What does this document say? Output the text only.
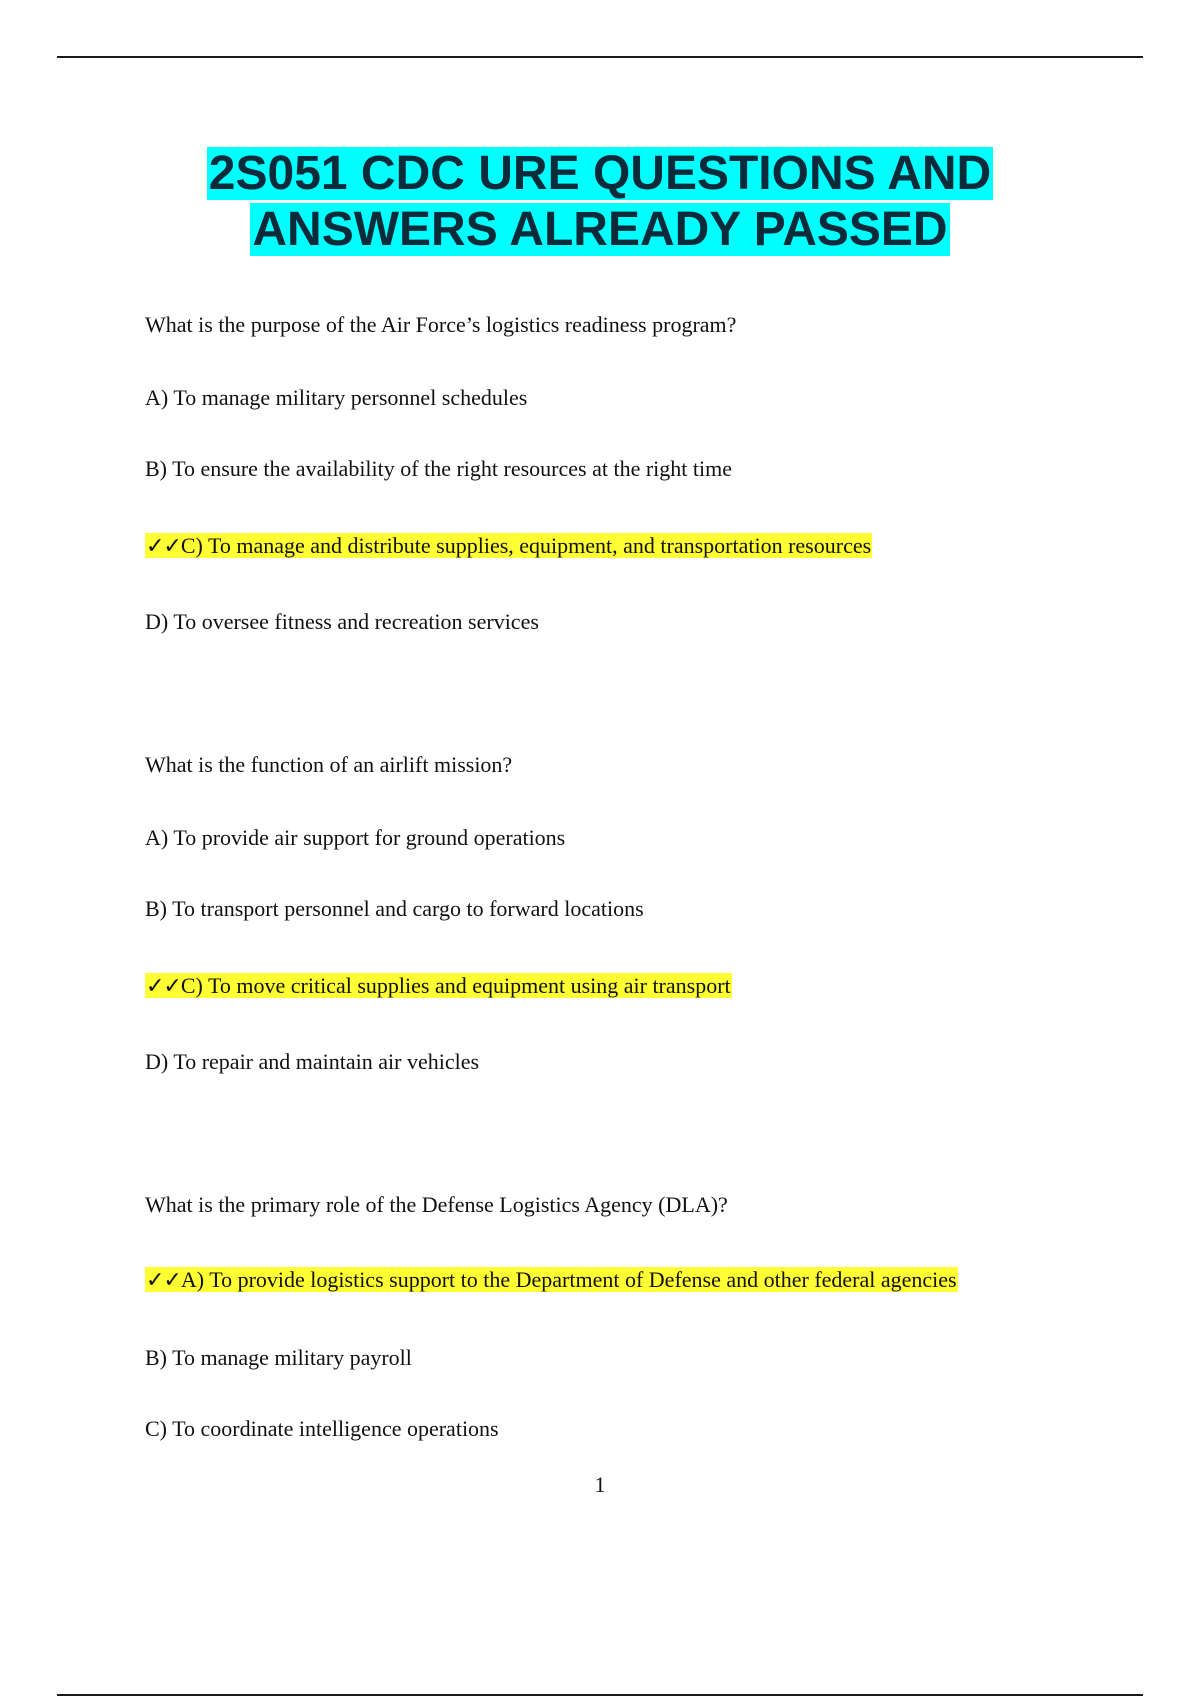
2S051 CDC URE QUESTIONS AND
ANSWERS ALREADY PASSED
What is the purpose of the Air Force’s logistics readiness program?
A) To manage military personnel schedules
B) To ensure the availability of the right resources at the right time
✓✓C) To manage and distribute supplies, equipment, and transportation resources
D) To oversee fitness and recreation services
What is the function of an airlift mission?
A) To provide air support for ground operations
B) To transport personnel and cargo to forward locations
✓✓C) To move critical supplies and equipment using air transport
D) To repair and maintain air vehicles
What is the primary role of the Defense Logistics Agency (DLA)?
✓✓A) To provide logistics support to the Department of Defense and other federal agencies
B) To manage military payroll
C) To coordinate intelligence operations
1
